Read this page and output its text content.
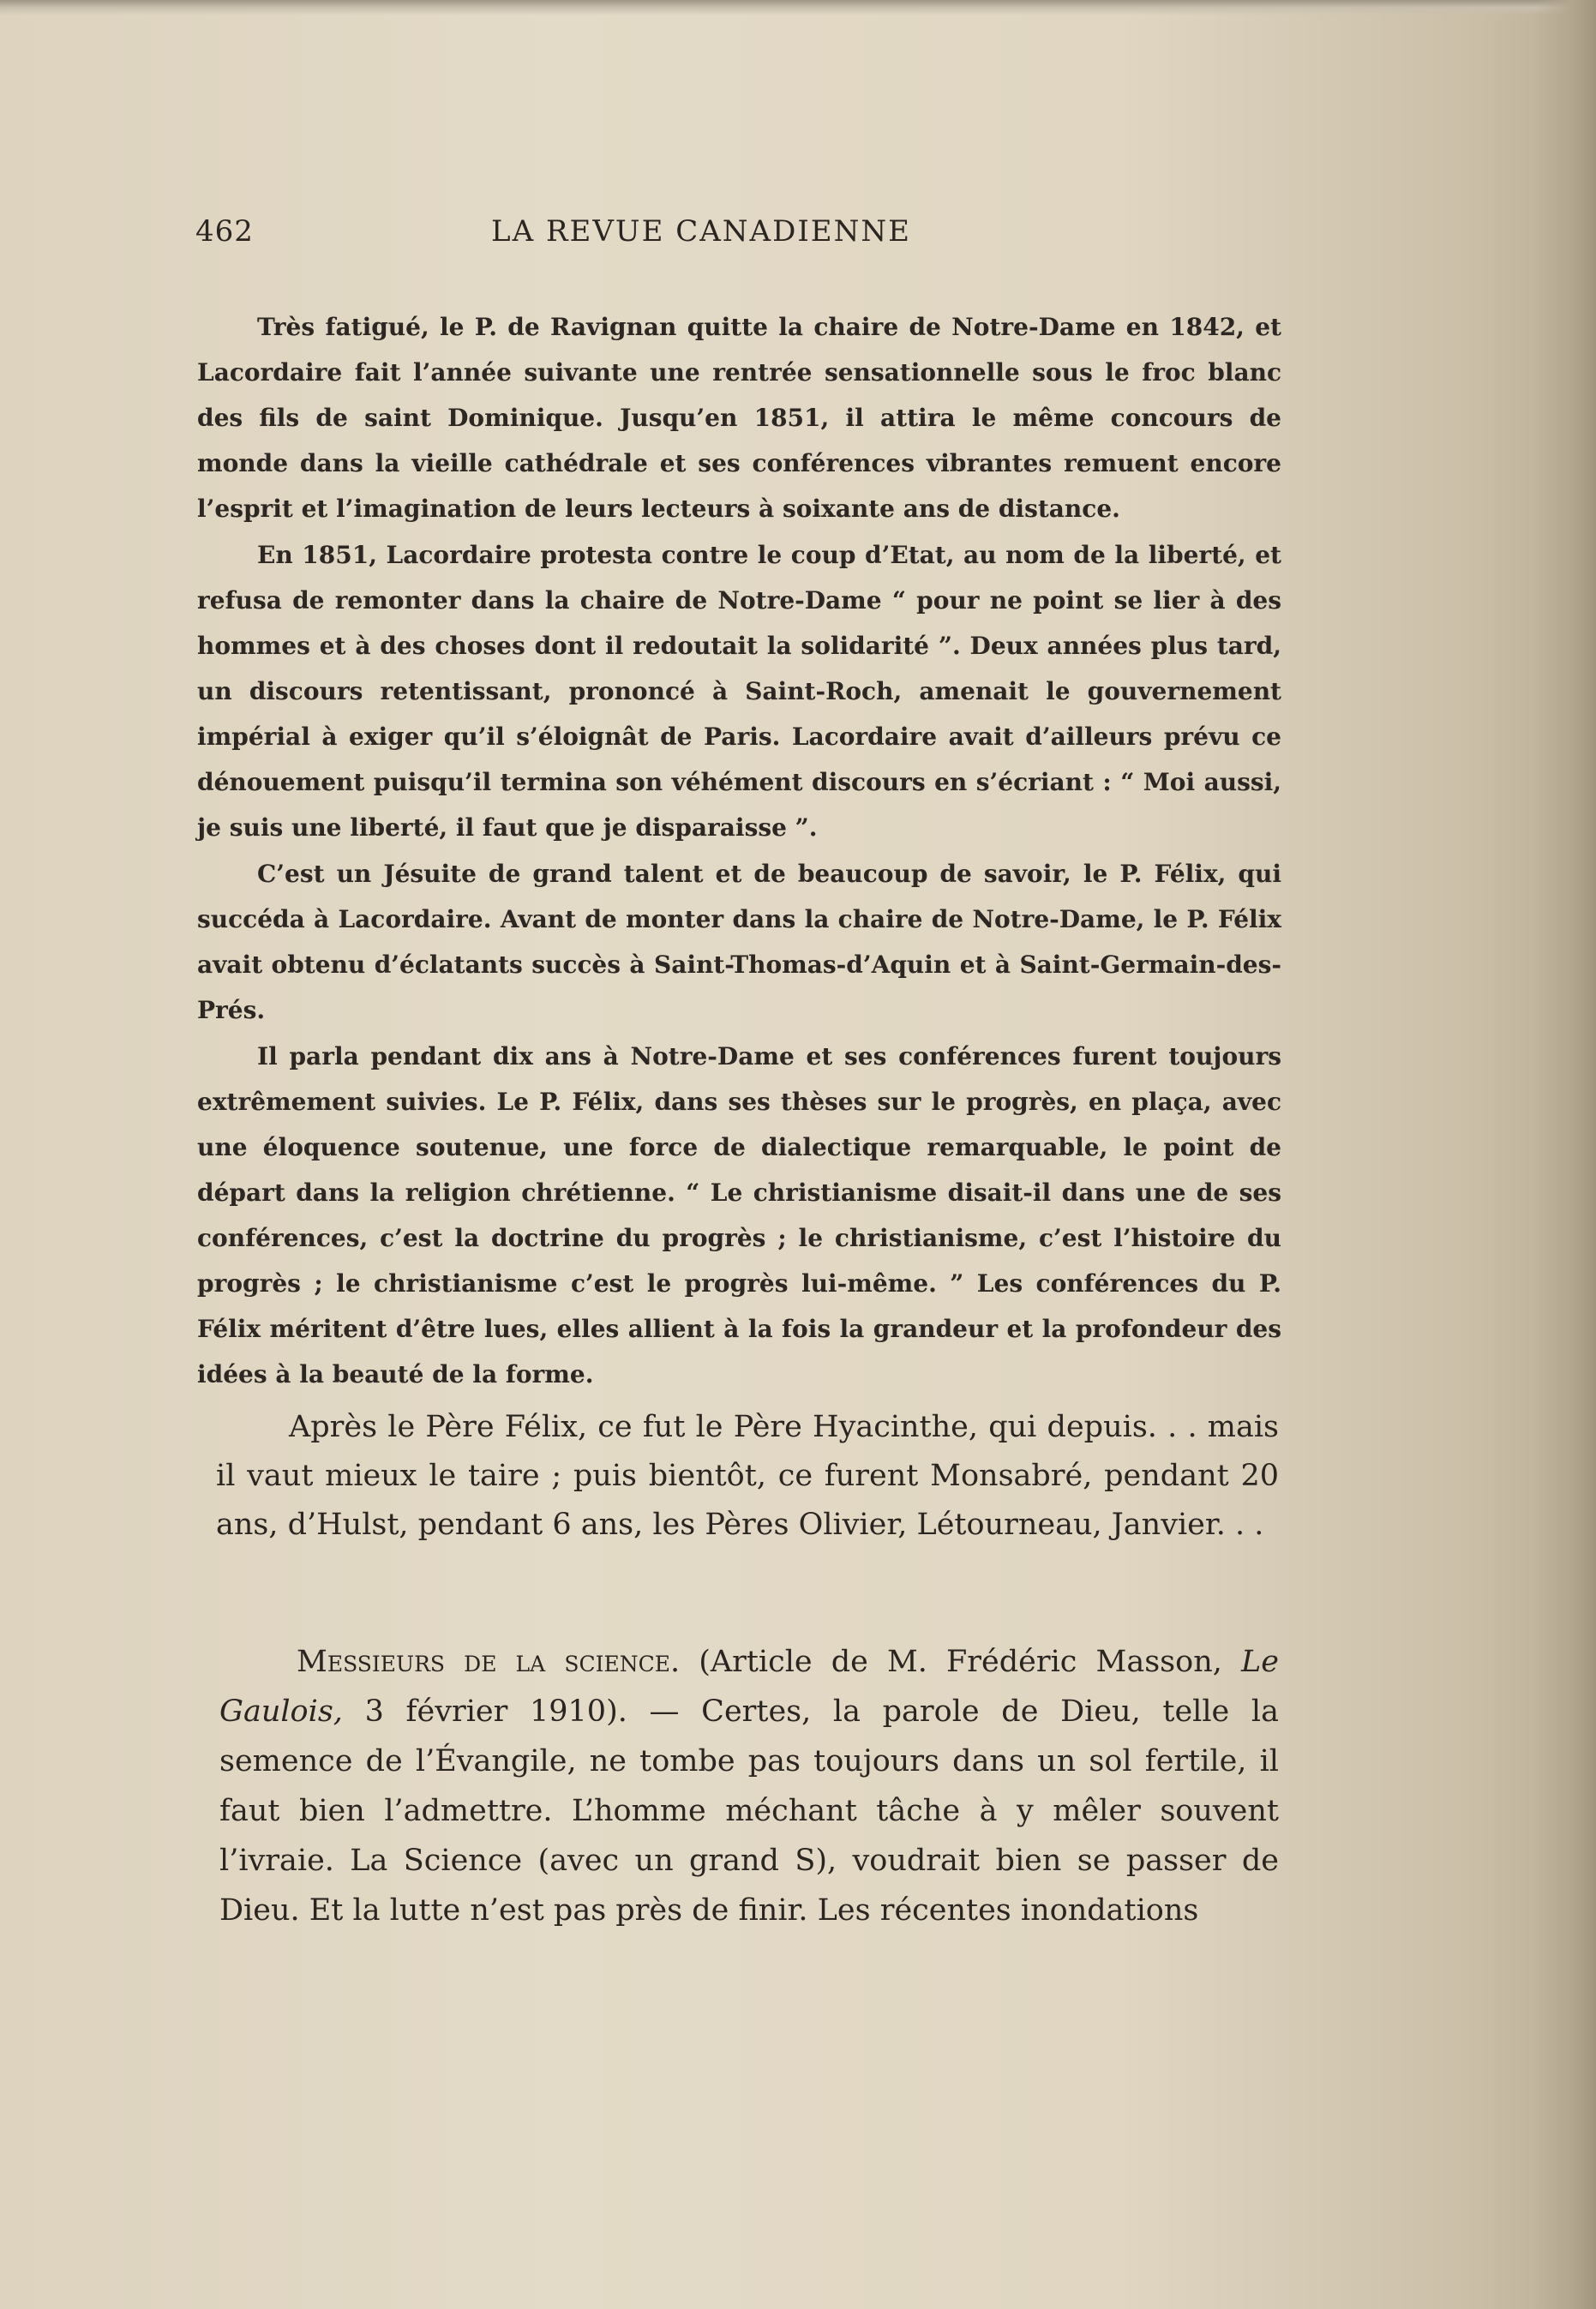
462	LA REVUE CANADIENNE

Très fatigué, le P. de Ravignan quitte la chaire de Notre-Dame en 1842, et Lacordaire fait l’année suivante une rentrée sensationnelle sous le froc blanc des fils de saint Dominique. Jusqu’en 1851, il attira le même concours de monde dans la vieille cathédrale et ses conférences vibrantes remuent encore l’esprit et l’imagination de leurs lecteurs à soixante ans de distance.

En 1851, Lacordaire protesta contre le coup d’Etat, au nom de la liberté, et refusa de remonter dans la chaire de Notre-Dame “ pour ne point se lier à des hommes et à des choses dont il redoutait la solidarité ”. Deux années plus tard, un discours retentissant, prononcé à Saint-Roch, amenait le gouvernement impérial à exiger qu’il s’éloignât de Paris. Lacordaire avait d’ailleurs prévu ce dénouement puisqu’il termina son véhément discours en s’écriant : “ Moi aussi, je suis une liberté, il faut que je disparaisse ”.

C’est un Jésuite de grand talent et de beaucoup de savoir, le P. Félix, qui succéda à Lacordaire. Avant de monter dans la chaire de Notre-Dame, le P. Félix avait obtenu d’éclatants succès à Saint-Thomas-d’Aquin et à Saint-Germain-des-Prés.

Il parla pendant dix ans à Notre-Dame et ses conférences furent toujours extrêmement suivies. Le P. Félix, dans ses thèses sur le progrès, en plaça, avec une éloquence soutenue, une force de dialectique remarquable, le point de départ dans la religion chrétienne. “ Le christianisme disait-il dans une de ses conférences, c’est la doctrine du progrès ; le christianisme, c’est l’histoire du progrès ; le christianisme c’est le progrès lui-même. ” Les conférences du P. Félix méritent d’être lues, elles allient à la fois la grandeur et la profondeur des idées à la beauté de la forme.

Après le Père Félix, ce fut le Père Hyacinthe, qui depuis. . . mais il vaut mieux le taire ; puis bientôt, ce furent Monsabré, pendant 20 ans, d’Hulst, pendant 6 ans, les Pères Olivier, Létourneau, Janvier. . .

Messieurs de la science. (Article de M. Frédéric Masson, Le Gaulois, 3 février 1910). — Certes, la parole de Dieu, telle la semence de l’Évangile, ne tombe pas toujours dans un sol fertile, il faut bien l’admettre. L’homme méchant tâche à y mêler souvent l’ivraie. La Science (avec un grand S), voudrait bien se passer de Dieu. Et la lutte n’est pas près de finir. Les récentes inondations
